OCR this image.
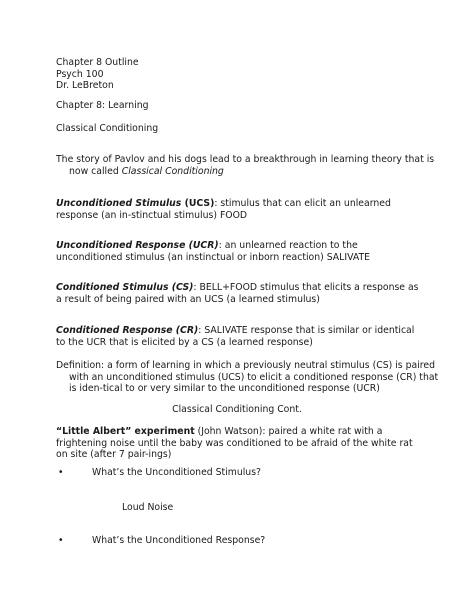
Chapter 8 Outline
Psych 100
Dr. LeBreton
Chapter 8: Learning
Classical Conditioning
The story of Pavlov and his dogs lead to a breakthrough in learning theory that is now called Classical Conditioning
Unconditioned Stimulus (UCS): stimulus that can elicit an unlearned response (an in-stinctual stimulus) FOOD
Unconditioned Response (UCR): an unlearned reaction to the unconditioned stimulus (an instinctual or inborn reaction) SALIVATE
Conditioned Stimulus (CS): BELL+FOOD stimulus that elicits a response as a result of being paired with an UCS (a learned stimulus)
Conditioned Response (CR): SALIVATE response that is similar or identical to the UCR that is elicited by a CS (a learned response)
Definition: a form of learning in which a previously neutral stimulus (CS) is paired with an unconditioned stimulus (UCS) to elicit a conditioned response (CR) that is iden-tical to or very similar to the unconditioned response (UCR)
Classical Conditioning Cont.
“Little Albert” experiment (John Watson): paired a white rat with a frightening noise until the baby was conditioned to be afraid of the white rat on site (after 7 pair-ings)
•	What’s the Unconditioned Stimulus?
Loud Noise
•	What’s the Unconditioned Response?
